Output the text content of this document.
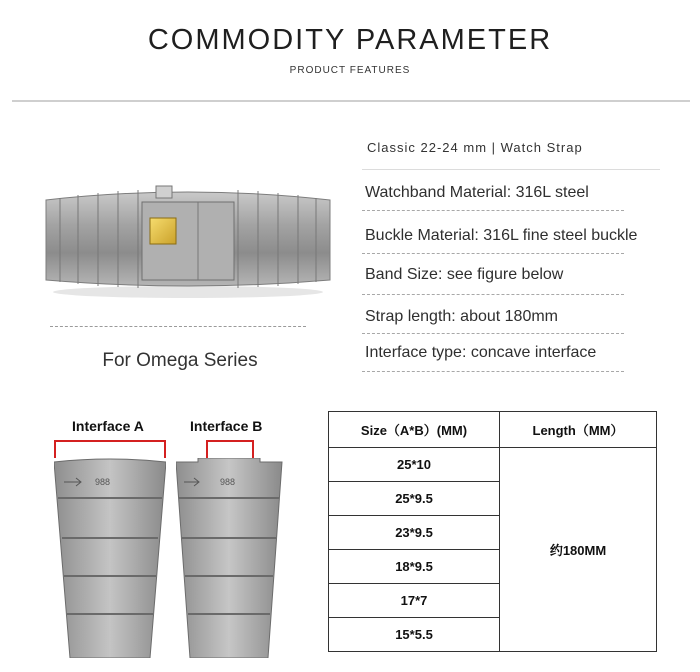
COMMODITY PARAMETER
PRODUCT FEATURES
For Omega Series
Classic 22-24 mm | Watch Strap
Watchband Material: 316L steel
Buckle Material: 316L fine steel buckle
Band Size: see figure below
Strap length: about 180mm
Interface type: concave interface
Interface A	Interface B
988	988
Size（A*B）(MM)	Length（MM）
25*10	约180MM
25*9.5	
23*9.5	
18*9.5	
17*7	
15*5.5	
